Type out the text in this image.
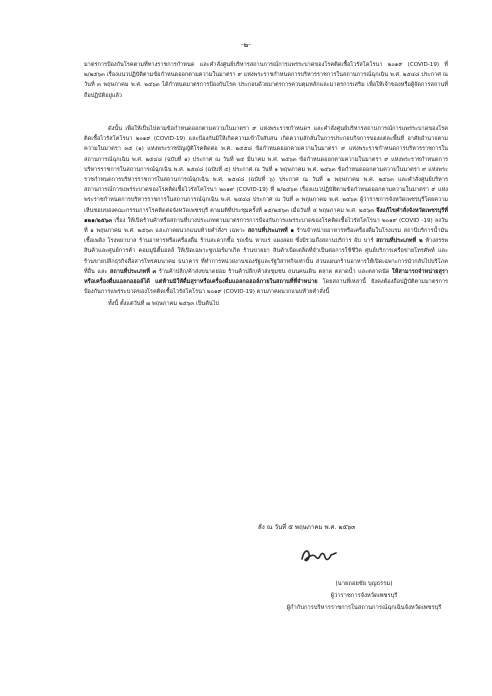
-๒-

มาตรการป้องกันโรคตามที่ทางราชการกำหนด และคำสั่งศูนย์บริหารสถานการณ์การแพร่ระบาดของโรคติดเชื้อไวรัสโคโรนา ๒๐๑๙ (COVID-19) ที่ ๒/๒๕๖๓ เรื่องแนวปฏิบัติตามข้อกำหนดออกตามความในมาตรา ๙ แห่งพระราชกำหนดการบริหารราชการในสถานการณ์ฉุกเฉิน พ.ศ. ๒๕๔๘ ประกาศ ณ วันที่ ๓ พฤษภาคม พ.ศ. ๒๕๖๓ ได้กำหนดมาตรการป้องกันโรค ประกอบด้วยมาตรการควบคุมหลักและมาตรการเสริม เพื่อให้เจ้าของหรือผู้จัดการสถานที่ถือปฏิบัติอยู่แล้ว

ดังนั้น เพื่อให้เป็นไปตามข้อกำหนดออกตามความในมาตรา ๙ แห่งพระราชกำหนดฯ และคำสั่งศูนย์บริหารสถานการณ์การแพร่ระบาดของโรคติดเชื้อไวรัสโคโรนา ๒๐๑๙ (COVID-19) และป้องกันมิให้เกิดความเข้าใจสับสน เกิดความลักลั่นในการประกอบกิจการของแต่ละพื้นที่ อาศัยอำนาจตามความในมาตรา ๓๕ (๑) แห่งพระราชบัญญัติโรคติดต่อ พ.ศ. ๒๕๕๘ ข้อกำหนดออกตามความในมาตรา ๙ แห่งพระราชกำหนดการบริหารราชการในสถานการณ์ฉุกเฉิน พ.ศ. ๒๕๔๘ (ฉบับที่ ๑) ประกาศ ณ วันที่ ๒๕ มีนาคม พ.ศ. ๒๕๖๓ ข้อกำหนดออกตามความในมาตรา ๙ แห่งพระราชกำหนดการบริหารราชการในสถานการณ์ฉุกเฉิน พ.ศ. ๒๕๔๘ (ฉบับที่ ๕) ประกาศ ณ วันที่ ๑ พฤษภาคม พ.ศ. ๒๕๖๓ ข้อกำหนดออกตามความในมาตรา ๙ แห่งพระราชกำหนดการบริหารราชการในสถานการณ์ฉุกเฉิน พ.ศ. ๒๕๔๘ (ฉบับที่ ๖) ประกาศ ณ วันที่ ๑ พฤษภาคม พ.ศ. ๒๕๖๓ และคำสั่งศูนย์บริหารสถานการณ์การแพร่ระบาดของโรคติดเชื้อไวรัสโคโรนา ๒๐๑๙ (COVID-19) ที่ ๒/๒๕๖๓ เรื่องแนวปฏิบัติตามข้อกำหนดออกตามความในมาตรา ๙ แห่งพระราชกำหนดการบริหารราชการในสถานการณ์ฉุกเฉิน พ.ศ. ๒๕๔๘ ประกาศ ณ วันที่ ๓ พฤษภาคม พ.ศ. ๒๕๖๓ ผู้ว่าราชการจังหวัดเพชรบุรีโดยความเห็นชอบของคณะกรรมการโรคติดต่อจังหวัดเพชรบุรี ตามมติที่ประชุมครั้งที่ ๑๕/๒๕๖๓ เมื่อวันที่ ๕ พฤษภาคม พ.ศ. ๒๕๖๓ จึงแก้ไขคำสั่งจังหวัดเพชรบุรีที่ ๑๒๑/๒๕๖๓ เรื่อง ให้เปิดร้านค้าหรือสถานที่บางประเภทตามมาตรการการป้องกันการแพร่ระบาดของโรคติดเชื้อไวรัสโคโรนา ๒๐๑๙ (COVID -19) ลงวันที่ ๑ พฤษภาคม พ.ศ. ๒๕๖๓ และภาคผนวกแนบท้ายคำสั่งฯ เฉพาะ สถานที่ประเภทที่ ๑ ร้านจำหน่ายอาหารหรือเครื่องดื่มในโรงแรม สถานีบริการน้ำมันเชื้อเพลิง โรงพยาบาล ร้านอาหารหรือเครื่องดื่ม ร้านสะดวกซื้อ รถเข็น หาบเร่ แผงลอย ซึ่งมิรวมถึงสถานบริการ ผับ บาร์ สถานที่ประเภทที่ ๒ ห้างสรรพสินค้าและศูนย์การค้า คอมมูนิตี้มอลล์ ให้เปิดเฉพาะซูเปอร์มาเก็ต ร้านขายยา สินค้าเบ็ดเตล็ดที่จำเป็นต่อการใช้ชีวิต ศูนย์บริการเครือข่ายโทรศัพท์ และร้านขายปลีกธุรกิจสื่อสารโทรคมนาคม ธนาคาร ที่ทำการหน่วยงานของรัฐและรัฐวิสาหกิจเท่านั้น ส่วนแผนกร้านอาหารให้เปิดเฉพาะการนำกลับไปบริโภคที่อื่น และ สถานที่ประเภทที่ ๓ ร้านค้าปลีก/ค้าส่งขนาดย่อม ร้านค้าปลีก/ค้าส่งชุมชน ถนนคนเดิน ตลาด ตลาดน้ำ และตลาดนัด ให้สามารถจำหน่ายสุราหรือเครื่องดื่มแอลกอฮอล์ได้ แต่ห้ามมิให้ดื่มสุราหรือเครื่องดื่มแอลกอฮอล์ภายในสถานที่ที่จำหน่าย โดยสถานที่เหล่านี้ ยังคงต้องถือปฏิบัติตามมาตรการป้องกันการแพร่ระบาดของโรคติดเชื้อไวรัสโคโรนา ๒๐๑๙ (COVID-19) ตามภาคผนวกแนบท้ายคำสั่งนี้

ทั้งนี้ ตั้งแต่วันที่ ๗ พฤษภาคม ๒๕๖๓ เป็นต้นไป

สั่ง ณ วันที่ ๕ พฤษภาคม พ.ศ. ๒๕๖๓
(นายถอยชัย บุญธรรม)
ผู้ว่าราชการจังหวัดเพชรบุรี
ผู้กำกับการบริหารราชการในสถานการณ์ฉุกเฉินจังหวัดเพชรบุรี
